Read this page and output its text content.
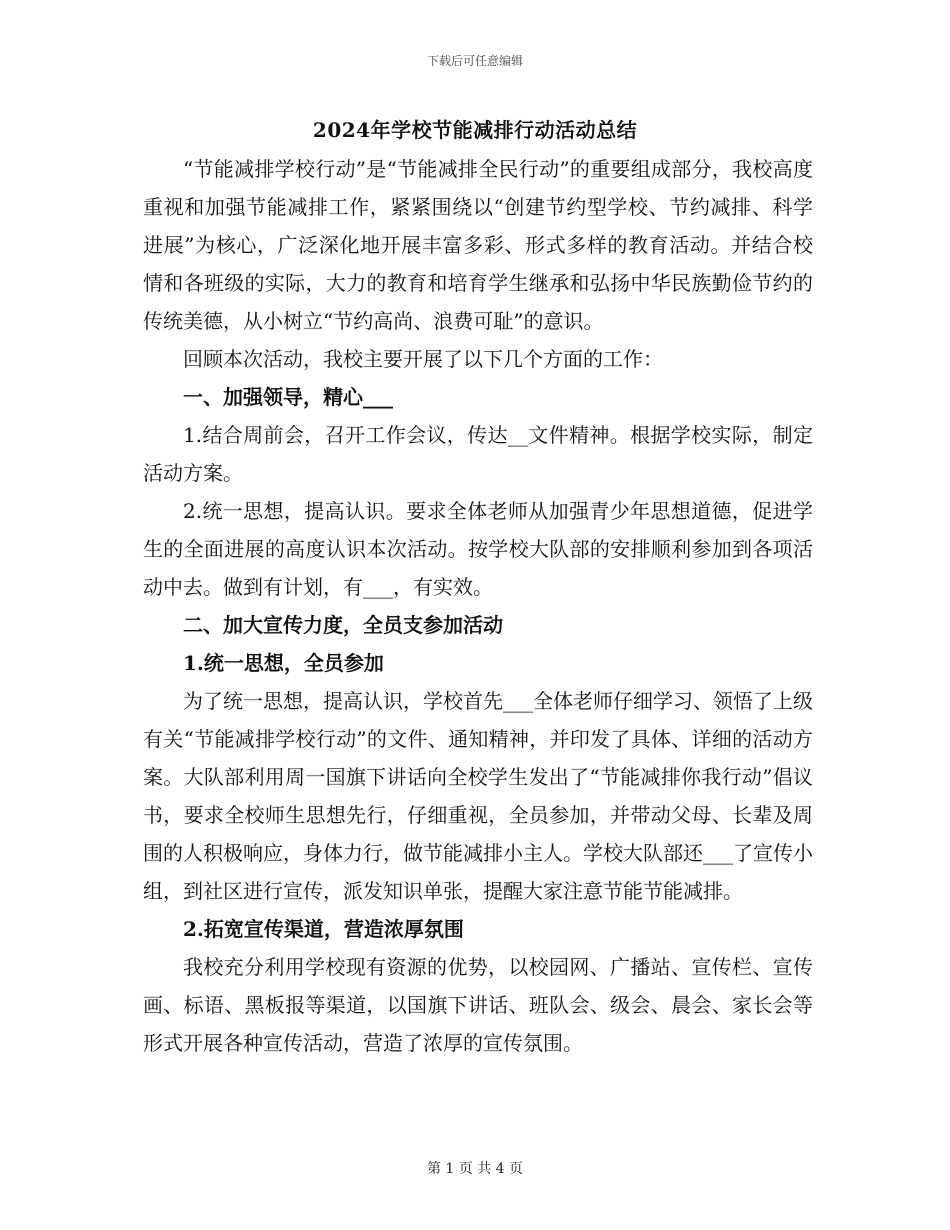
下载后可任意编辑
2024年学校节能减排行动活动总结

“节能减排学校行动”是“节能减排全民行动”的重要组成部分，我校高度重视和加强节能减排工作，紧紧围绕以“创建节约型学校、节约减排、科学进展”为核心，广泛深化地开展丰富多彩、形式多样的教育活动。并结合校情和各班级的实际，大力的教育和培育学生继承和弘扬中华民族勤俭节约的传统美德，从小树立“节约高尚、浪费可耻”的意识。

回顾本次活动，我校主要开展了以下几个方面的工作：

一、加强领导，精心___

1.结合周前会，召开工作会议，传达__文件精神。根据学校实际，制定活动方案。

2.统一思想，提高认识。要求全体老师从加强青少年思想道德，促进学生的全面进展的高度认识本次活动。按学校大队部的安排顺利参加到各项活动中去。做到有计划，有___，有实效。

二、加大宣传力度，全员支参加活动

1.统一思想，全员参加

为了统一思想，提高认识，学校首先___全体老师仔细学习、领悟了上级有关“节能减排学校行动”的文件、通知精神，并印发了具体、详细的活动方案。大队部利用周一国旗下讲话向全校学生发出了“节能减排你我行动”倡议书，要求全校师生思想先行，仔细重视，全员参加，并带动父母、长辈及周围的人积极响应，身体力行，做节能减排小主人。学校大队部还___了宣传小组，到社区进行宣传，派发知识单张，提醒大家注意节能节能减排。

2.拓宽宣传渠道，营造浓厚氛围

我校充分利用学校现有资源的优势，以校园网、广播站、宣传栏、宣传画、标语、黑板报等渠道，以国旗下讲话、班队会、级会、晨会、家长会等形式开展各种宣传活动，营造了浓厚的宣传氛围。

第 1 页 共 4 页
